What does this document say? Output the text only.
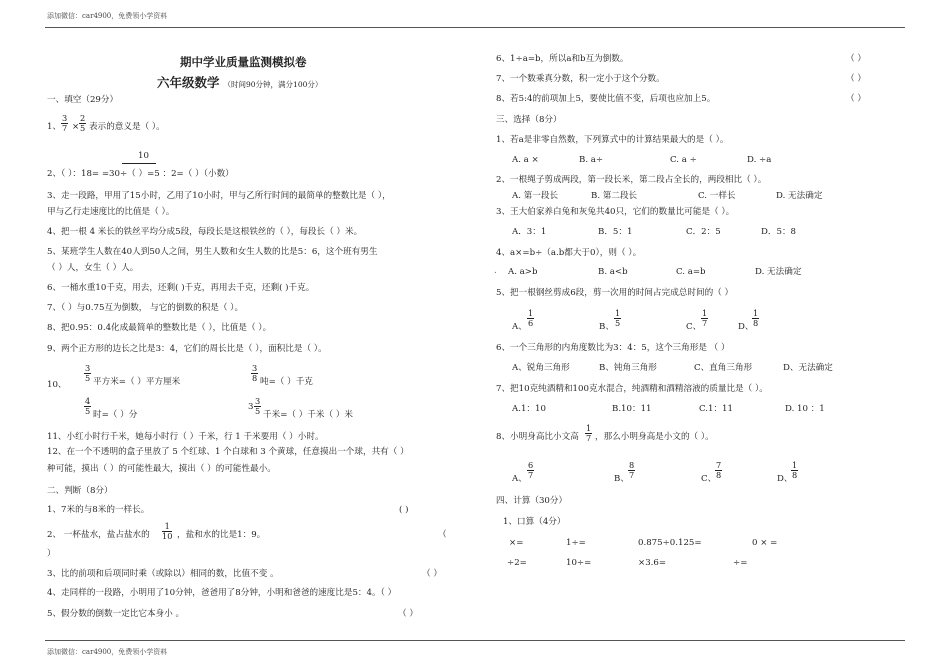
添加微信：car4900，免费领小学资料
添加微信：car4900，免费领小学资料
期中学业质量监测模拟卷
六年级数学 （时间90分钟，满分100分）
一、填空（29分）
1、 $\frac{3}{7} \times \frac{2}{5}$ 表示的意义是（ ）。
10
2、（ ）：18= =30÷（ ）=5 ：2=（ ）（小数）
3、走一段路，甲用了15小时，乙用了10小时，甲与乙所行时间的最简单的整数比是（ ），
甲与乙行走速度比的比值是（ ）。
4、把一根 4 米长的铁丝平均分成5段，每段长是这根铁丝的（ ），每段长（ ）米。
5、某班学生人数在40人到50人之间，男生人数和女生人数的比是5：6，这个班有男生
（ ）人，女生（ ）人。
6、一桶水重10千克，用去，还剩( )千克，再用去千克，还剩( )千克。
7、（ ）与0.75互为倒数， 与它的倒数的积是（ ）。
8、把0.95：0.4化成最简单的整数比是（ ），比值是（ ）。
9、两个正方形的边长之比是3：4，它们的周长比是（ ），面积比是（ ）。
10、
$\frac{3}{5}$ 平方米=（ ）平方厘米	$\frac{3}{8}$ 吨=（ ）千克
$\frac{4}{5}$ 时=（ ）分
$3 \frac{3}{5}$ 千米=（ ）千米（ ）米
11、小红小时行千米，她每小时行（ ）千米，行 1 千米要用（ ）小时。
12、在一个不透明的盒子里放了 5 个红球、1 个白球和 3 个黄球，任意摸出一个球，共有（ ）
种可能，摸出（ ）的可能性最大，摸出（ ）的可能性最小。
二、判断（8分）
1、7米的与8米的一样长。	( )
2、 一杯盐水，盐占盐水的 $\frac{1}{10}$ ，盐和水的比是1：9。	（
）
3、比的前项和后项同时乘（或除以）相同的数，比值不变 。	（ ）
4、走同样的一段路，小明用了10分钟，爸爸用了8分钟，小明和爸爸的速度比是5：4。（ ）
5、假分数的倒数一定比它本身小 。	（ ）
6、1÷a=b，所以a和b互为倒数。	（ ）
7、一个数乘真分数，积一定小于这个分数。	（ ）
8、若5:4的前项加上5，要使比值不变，后项也应加上5。	（ ）
三、选择（8分）
1、若a是非零自然数，下列算式中的计算结果最大的是（ ）。
A. a ×	B. a÷	C. a ÷	D. ÷a
2、一根绳子剪成两段，第一段长米，第二段占全长的，两段相比（ ）。
A. 第一段长	B. 第二段长	C. 一样长	D. 无法确定
3、王大伯家养白兔和灰兔共40只，它们的数量比可能是（ ）。
A．3：1	B．5：1	C．2：5	D．5：8
4、a×=b÷（a.b都大于0），则（ ）。
. A. a>b	B. a<b	C. a=b	D. 无法确定
5、把一根钢丝剪成6段，剪一次用的时间占完成总时间的（ ）
A、 $\frac{1}{6}$	B、 $\frac{1}{5}$	C、 $\frac{1}{7}$	D、
$\frac{1}{8}$
6、一个三角形的内角度数比为3：4：5，这个三角形是 （ ）
A、锐角三角形	B、钝角三角形	C、直角三角形	D、无法确定
7、把10克纯酒精和100克水混合，纯酒精和酒精溶液的质量比是（ ）。
A.1：10	B.10：11	C.1：11	D. 10 ：1
8、小明身高比小文高 $\frac{1}{7}$ ，那么小明身高是小文的（ ）。
A、 $\frac{6}{7}$	B、 $\frac{8}{7}$	C、
$\frac{7}{8}$	D、
$\frac{1}{8}$
四、计算（30分）
1、口算（4分）
×=	1÷=	0.875÷0.125=	0 × =
÷2=	10÷=	×3.6=	÷=
